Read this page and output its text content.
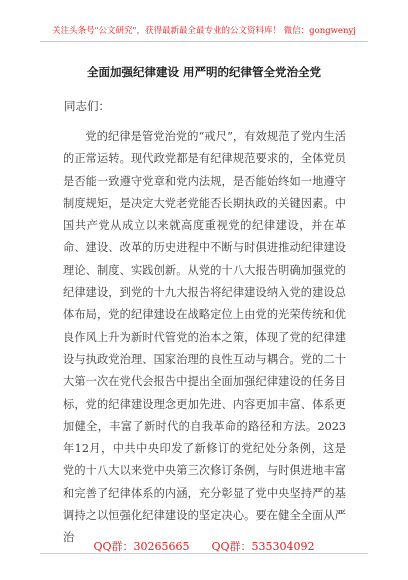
关注头条号"公文研究"，获得最新最全最专业的公文资料库！ 微信：gongwenyj
全面加强纪律建设 用严明的纪律管全党治全党
同志们：
党的纪律是管党治党的“戒尺”，有效规范了党内生活的正常运转。现代政党都是有纪律规范要求的，全体党员是否能一致遵守党章和党内法规，是否能始终如一地遵守制度规矩，是决定大党老党能否长期执政的关键因素。中国共产党从成立以来就高度重视党的纪律建设，并在革命、建设、改革的历史进程中不断与时俱进推动纪律建设理论、制度、实践创新。从党的十八大报告明确加强党的纪律建设，到党的十九大报告将纪律建设纳入党的建设总体布局，党的纪律建设在战略定位上由党的光荣传统和优良作风上升为新时代管党的治本之策，体现了党的纪律建设与执政党治理、国家治理的良性互动与耦合。党的二十大第一次在党代会报告中提出全面加强纪律建设的任务目标，党的纪律建设理念更加先进、内容更加丰富、体系更加健全，丰富了新时代的自我革命的路径和方法。2023年12月，中共中央印发了新修订的党纪处分条例，这是党的十八大以来党中央第三次修订条例，与时俱进地丰富和完善了纪律体系的内涵，充分彰显了党中央坚持严的基调持之以恒强化纪律建设的坚定决心。要在健全全面从严治
QQ群：30265665 QQ群：535304092
